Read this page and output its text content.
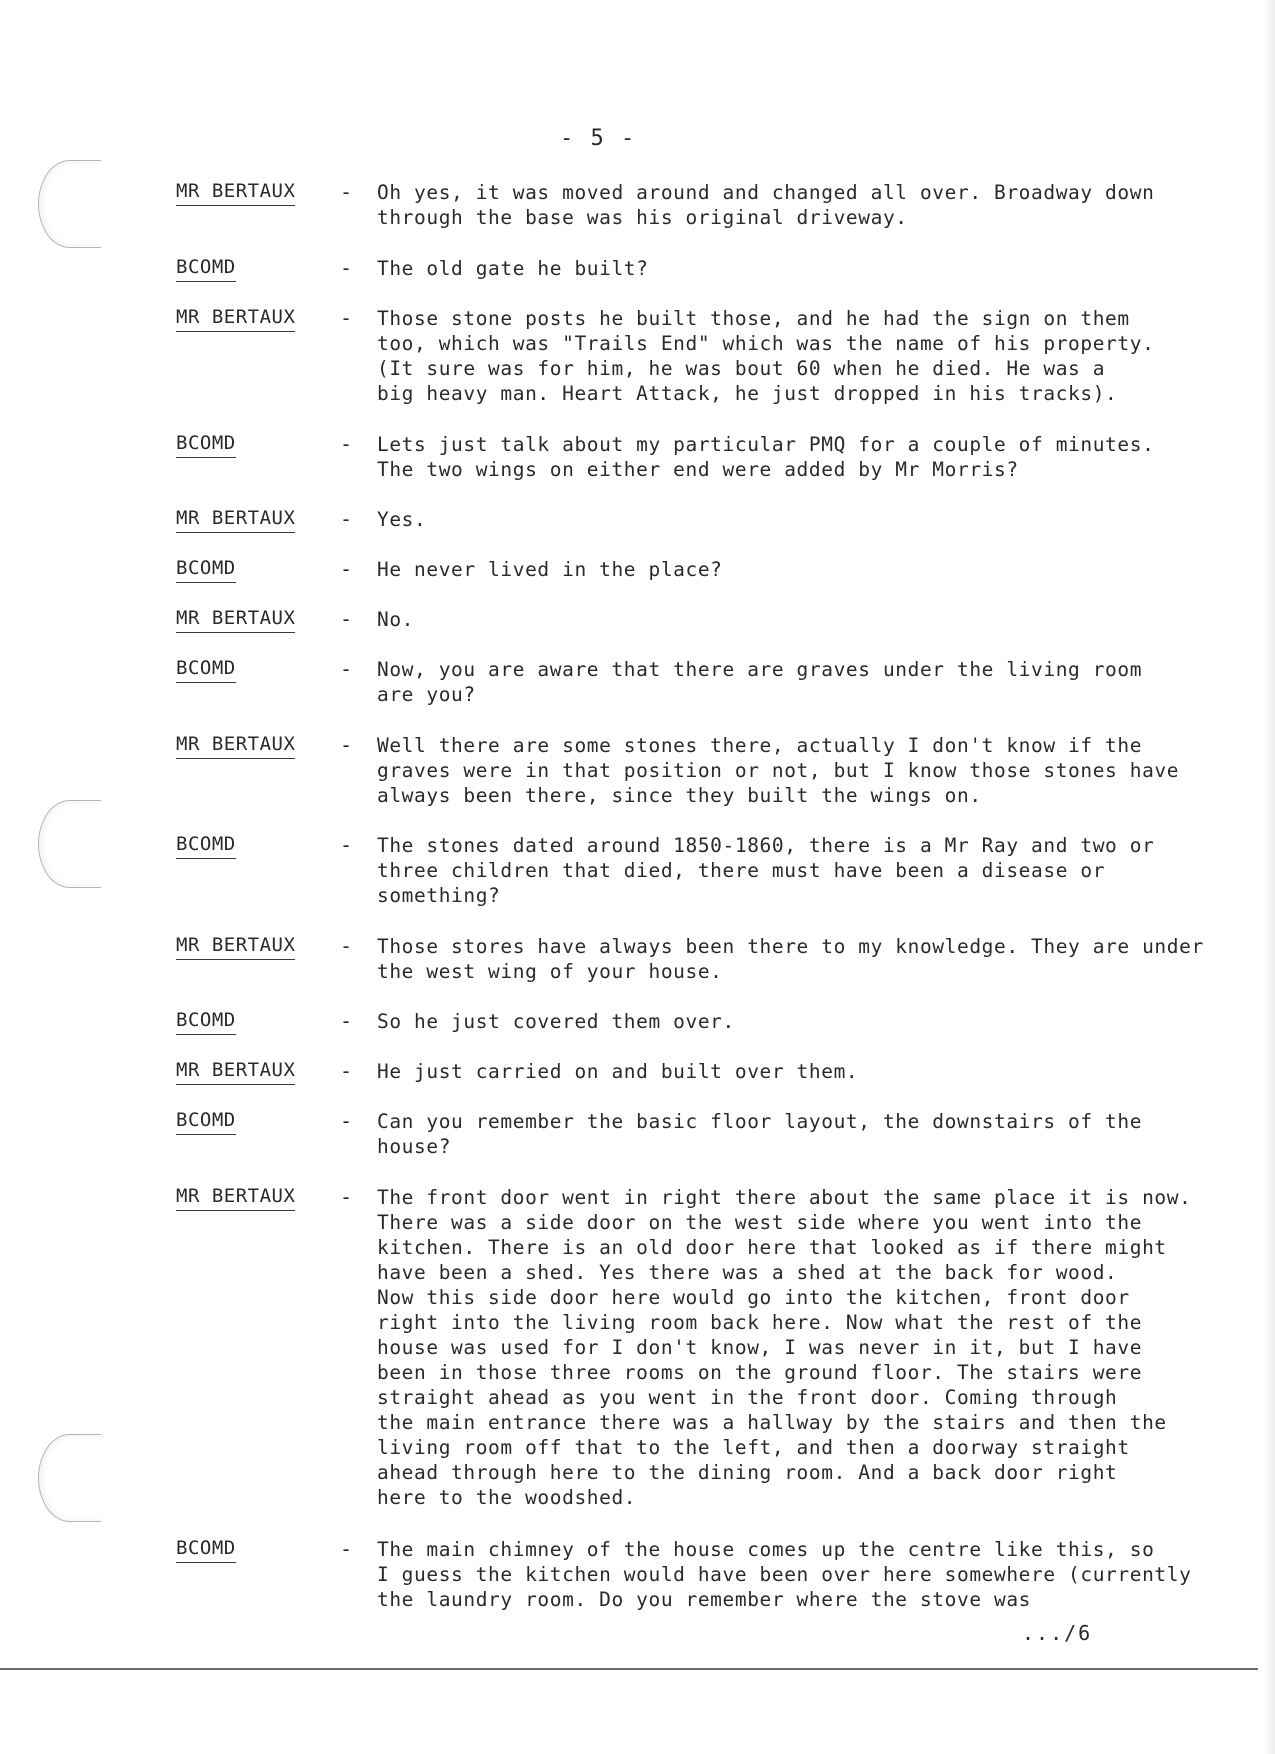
- 5 -
MR BERTAUX - Oh yes, it was moved around and changed all over. Broadway down
through the base was his original driveway.
BCOMD	- The old gate he built?
MR BERTAUX - Those stone posts he built those, and he had the sign on them
too, which was "Trails End" which was the name of his property.
(It sure was for him, he was bout 60 when he died. He was a
big heavy man. Heart Attack, he just dropped in his tracks).
BCOMD	- Lets just talk about my particular PMQ for a couple of minutes.
The two wings on either end were added by Mr Morris?
MR BERTAUX - Yes.
BCOMD	- He never lived in the place?
MR BERTAUX - No.
BCOMD	- Now, you are aware that there are graves under the living room
are you?
MR BERTAUX - Well there are some stones there, actually I don't know if the
graves were in that position or not, but I know those stones have
always been there, since they built the wings on.
BCOMD	- The stones dated around 1850-1860, there is a Mr Ray and two or
three children that died, there must have been a disease or
something?
MR BERTAUX - Those stores have always been there to my knowledge. They are under
the west wing of your house.
BCOMD	- So he just covered them over.
MR BERTAUX - He just carried on and built over them.
BCOMD	- Can you remember the basic floor layout, the downstairs of the
house?
MR BERTAUX - The front door went in right there about the same place it is now.
There was a side door on the west side where you went into the
kitchen. There is an old door here that looked as if there might
have been a shed. Yes there was a shed at the back for wood.
Now this side door here would go into the kitchen, front door
right into the living room back here. Now what the rest of the
house was used for I don't know, I was never in it, but I have
been in those three rooms on the ground floor. The stairs were
straight ahead as you went in the front door. Coming through
the main entrance there was a hallway by the stairs and then the
living room off that to the left, and then a doorway straight
ahead through here to the dining room. And a back door right
here to the woodshed.
BCOMD	- The main chimney of the house comes up the centre like this, so
I guess the kitchen would have been over here somewhere (currently
the laundry room. Do you remember where the stove was
.../6
